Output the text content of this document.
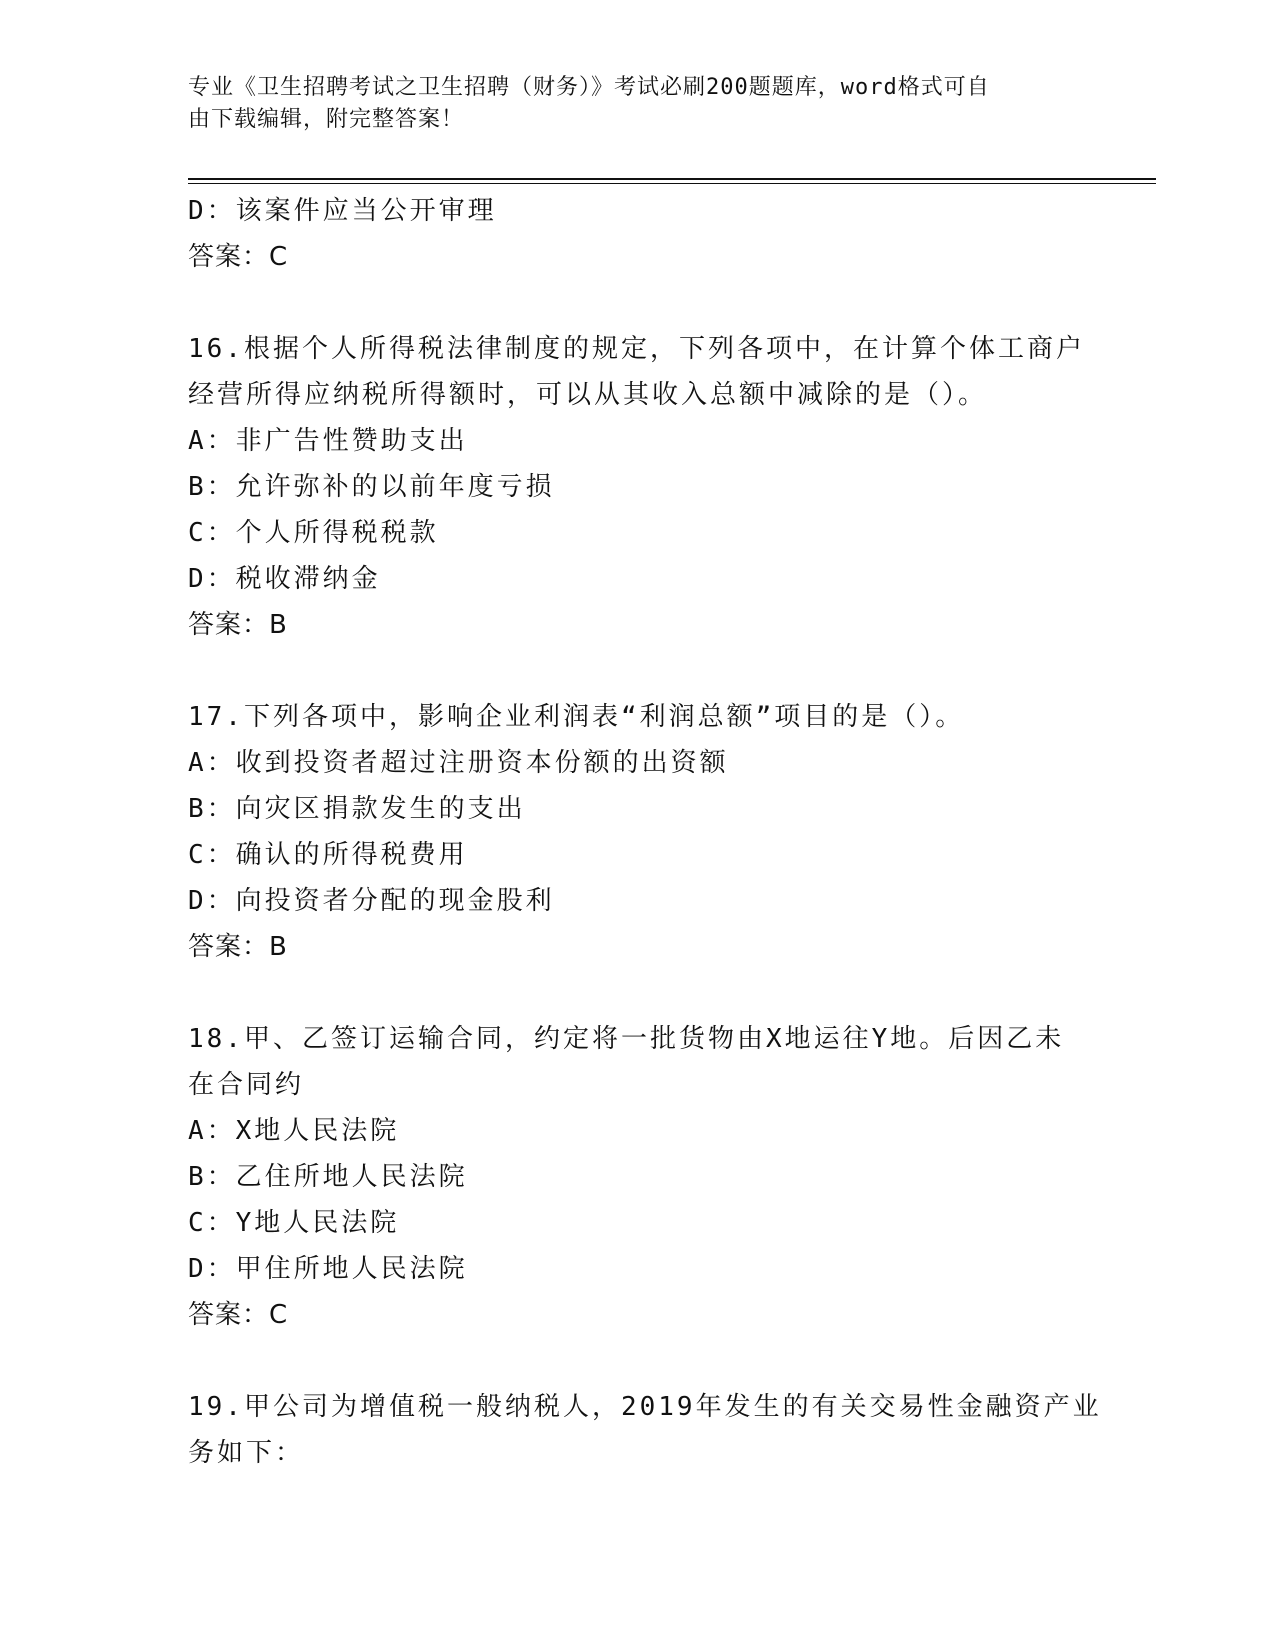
专业《卫生招聘考试之卫生招聘（财务）》考试必刷200题题库，word格式可自
由下载编辑，附完整答案！
D：该案件应当公开审理
答案：C
16.根据个人所得税法律制度的规定，下列各项中，在计算个体工商户
经营所得应纳税所得额时，可以从其收入总额中减除的是（）。
A：非广告性赞助支出
B：允许弥补的以前年度亏损
C：个人所得税税款
D：税收滞纳金
答案：B
17.下列各项中，影响企业利润表“利润总额”项目的是（）。
A：收到投资者超过注册资本份额的出资额
B：向灾区捐款发生的支出
C：确认的所得税费用
D：向投资者分配的现金股利
答案：B
18.甲、乙签订运输合同，约定将一批货物由X地运往Y地。后因乙未
在合同约
A：X地人民法院
B：乙住所地人民法院
C：Y地人民法院
D：甲住所地人民法院
答案：C
19.甲公司为增值税一般纳税人，2019年发生的有关交易性金融资产业
务如下：
